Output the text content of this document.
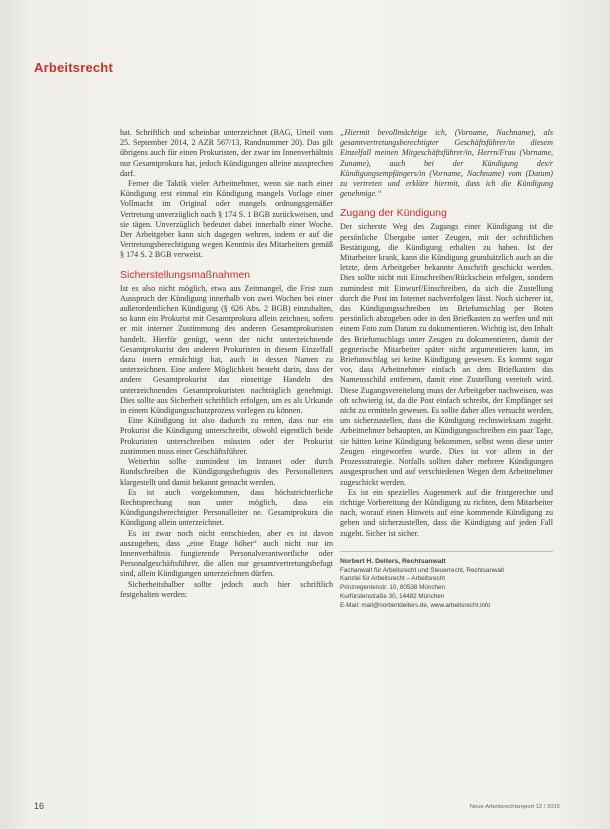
Arbeitsrecht

hat. Schriftlich und scheinbar unterzeichnet (BAG, Urteil vom 25. September 2014, 2 AZR 567/13, Randnummer 20). Das gilt übrigens auch für einen Prokuristen, der zwar im Innenverhältnis nur Gesamtprokura hat, jedoch Kündigungen alleine aussprechen darf.

Ferner die Taktik vieler Arbeitnehmer, wenn sie nach einer Kündigung erst einmal ein Kündigung mangels Vorlage einer Vollmacht im Original oder mangels ordnungsgemäßer Vertretung unverzüglich nach § 174 S. 1 BGB zurückweisen, und sie tägen. Unverzüglich bedeutet dabei innerhalb einer Woche. Der Arbeitgeber kann sich dagegen wehren, indem er auf die Vertretungsberechtigung wegen Kenntnis des Mitarbeiters gemäß § 174 S. 2 BGB verweist.

Sicherstellungsmaßnahmen

Ist es also nicht möglich, etwa aus Zeitmangel, die Frist zum Ausspruch der Kündigung innerhalb von zwei Wochen bei einer außerordentlichen Kündigung (§ 626 Abs. 2 BGB) einzuhalten, so kann ein Prokurist mit Gesamtprokura allein zeichnen, sofern er mit interner Zustimmung des anderen Gesamtprokuristen handelt. Hierfür genügt, wenn der nicht unterzeichnende Gesamtprokurist den anderen Prokuristen in diesem Einzelfall dazu intern ermächtigt hat, auch in dessen Namen zu unterzeichnen. Eine andere Möglichkeit besteht darin, dass der andere Gesamtprokurist das einseitige Handeln des unterzeichnenden Gesamtprokuristen nachträglich genehmigt. Dies sollte aus Sicherheit schriftlich erfolgen, um es als Urkunde in einem Kündigungsschutzprozess vorlegen zu können.

Eine Kündigung ist also dadurch zu retten, dass nur ein Prokurist die Kündigung unterschreibt, obwohl eigentlich beide Prokuristen unterschreiben müssten oder der Prokurist zustimmen muss einer Geschäftsführer.

Weiterhin sollte zumindest im Intranet oder durch Rundschreiben die Kündigungsbefugnis des Personalleiters klargestellt und damit bekannt gemacht werden.

Es ist auch vorgekommen, dass höchstrichterliche Rechtsprechung nun unter möglich, dass ein Kündigungsberechtigter Personalleiter ne. Gesamtprokura die Kündigung allein unterzeichnet.

Es ist zwar noch nicht entschieden, aber es ist davon auszugehen, dass „eine Etage höher“ auch nicht nur im Innenverhältnis fungierende Personalverantwortliche oder Personalgeschäftsführer, die allen nur gesamtvertretungsbefugt sind, allein Kündigungen unterzeichnen dürfen.

Sicherheitshalber sollte jedoch auch hier schriftlich festgehalten werden:

„Hiermit bevollmächtige ich, (Vorname, Nachname), als gesamtvertretungsberechtigter Geschäftsführer/in diesem Einzelfall meinen Mitgeschäftsführer/in, Herrn/Frau (Vorname, Zuname), auch bei der Kündigung des/r Kündigungsempfängers/in (Vorname, Nachname) vom (Datum) zu vertreten und erkläre hiermit, dass ich die Kündigung genehmige.“

Zugang der Kündigung

Der sicherste Weg des Zugangs einer Kündigung ist die persönliche Übergabe unter Zeugen, mit der schriftlichen Bestätigung, die Kündigung erhalten zu haben. Ist der Mitarbeiter krank, kann die Kündigung grundsätzlich auch an die letzte, dem Arbeitgeber bekannte Anschrift geschickt werden. Dies sollte nicht mit Einschreiben/Rückschein erfolgen, sondern zumindest mit Einwurf/Einschreiben, da sich die Zustellung durch die Post im Internet nachverfolgen lässt. Noch sicherer ist, das Kündigungsschreiben im Briefumschlag per Boten persönlich abzugeben oder in den Briefkasten zu werfen und mit einem Foto zum Datum zu dokumentieren. Wichtig ist, den Inhalt des Briefumschlags unter Zeugen zu dokumentieren, damit der gegnerische Mitarbeiter später nicht argumentieren kann, im Briefumschlag sei keine Kündigung gewesen. Es kommt sogar vor, dass Arbeitnehmer einfach an dem Briefkasten das Namensschild entfernen, damit eine Zustellung vereitelt wird. Diese Zugangsvereitelung muss der Arbeitgeber nachweisen, was oft schwierig ist, da die Post einfach schreibt, der Empfänger sei nicht zu ermitteln gewesen. Es sollte daher alles versucht werden, um sicherzustellen, dass die Kündigung rechtswirksam zugeht. Arbeitnehmer behaupten, an Kündigungsschreiben ein paar Tage, sie hätten keine Kündigung bekommen, selbst wenn diese unter Zeugen eingeworfen wurde. Dies ist vor allem in der Prozessstrategie. Notfalls sollten daher mehrere Kündigungen ausgesprochen und auf verschiedenen Wegen dem Arbeitnehmer zugeschickt werden.

Es ist ein spezielles Augenmerk auf die fristgerechte und richtige Vorbereitung der Kündigung zu richten, dem Mitarbeiter nach, worauf einen Hinweis auf eine kommende Kündigung zu geben und sicherzustellen, dass die Kündigung auf jeden Fall zugeht. Sicher ist sicher.

Norbert H. Deiters, Rechtsanwalt
Fachanwalt für Arbeitsrecht und Steuerrecht, Rechtsanwalt
Kanzlei für Arbeitsrecht – Arbeitsrecht
Prinzregentenstr. 10, 80538 München
Kurfürstenstraße 30, 14482 München
E-Mail: mail@norbertdeiters.de, www.arbeitsrecht.info
16	Neue Arbeitsrechtsreport 12 / 2015
